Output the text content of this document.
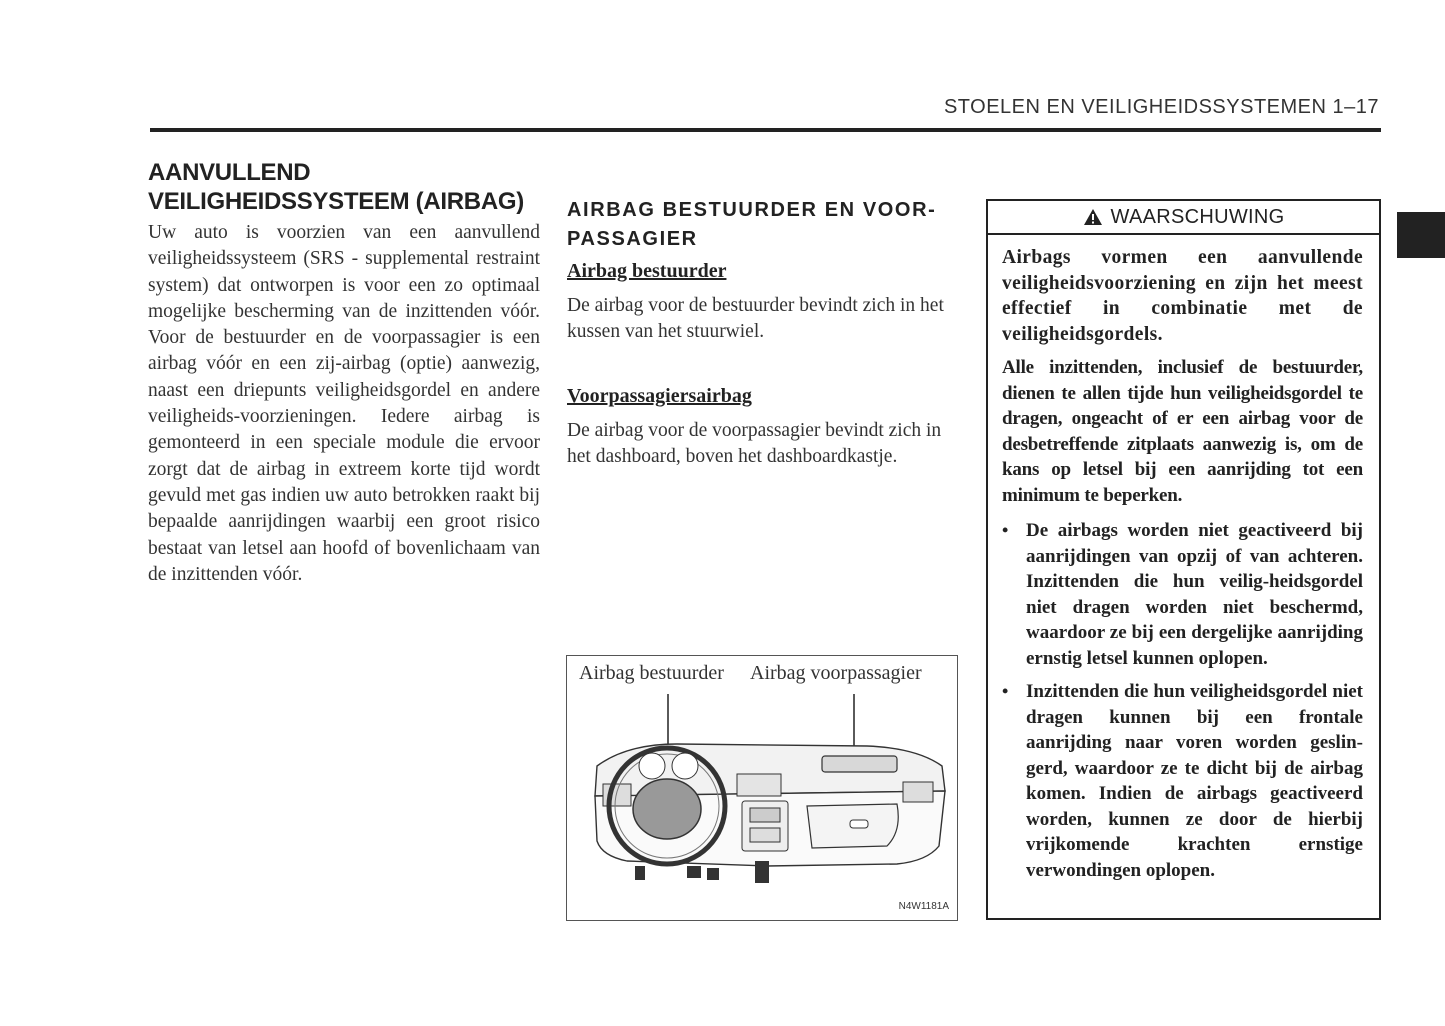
STOELEN EN VEILIGHEIDSSYSTEMEN 1–17
AANVULLEND
VEILIGHEIDSSYSTEEM (AIRBAG)

Uw auto is voorzien van een aanvullend veiligheidssysteem (SRS - supplemental restraint system) dat ontworpen is voor een zo optimaal mogelijke bescherming van de inzittenden vóór. Voor de bestuurder en de voorpassagier is een airbag vóór en een zij-airbag (optie) aanwezig, naast een driepunts veiligheidsgordel en andere veiligheids-voorzieningen. Iedere airbag is gemonteerd in een speciale module die ervoor zorgt dat de airbag in extreem korte tijd wordt gevuld met gas indien uw auto betrokken raakt bij bepaalde aanrijdingen waarbij een groot risico bestaat van letsel aan hoofd of bovenlichaam van de inzittenden vóór.

AIRBAG BESTUURDER EN VOOR-
PASSAGIER
Airbag bestuurder

De airbag voor de bestuurder bevindt zich in het kussen van het stuurwiel.

Voorpassagiersairbag

De airbag voor de voorpassagier bevindt zich in het dashboard, boven het dashboardkastje.

Airbag bestuurder Airbag voorpassagier
N4W1181A
WAARSCHUWING

Airbags vormen een aanvullende veiligheidsvoorziening en zijn het meest effectief in combinatie met de veiligheidsgordels.

Alle inzittenden, inclusief de bestuurder, dienen te allen tijde hun veiligheidsgordel te dragen, ongeacht of er een airbag voor de desbetreffende zitplaats aanwezig is, om de kans op letsel bij een aanrijding tot een minimum te beperken.

• De airbags worden niet geactiveerd bij aanrijdingen van opzij of van achteren. Inzittenden die hun veilig-heidsgordel niet dragen worden niet beschermd, waardoor ze bij een dergelijke aanrijding ernstig letsel kunnen oplopen.
• Inzittenden die hun veiligheidsgordel niet dragen kunnen bij een frontale aanrijding naar voren worden geslin-gerd, waardoor ze te dicht bij de airbag komen. Indien de airbags geactiveerd worden, kunnen ze door de hierbij vrijkomende krachten ernstige verwondingen oplopen.
